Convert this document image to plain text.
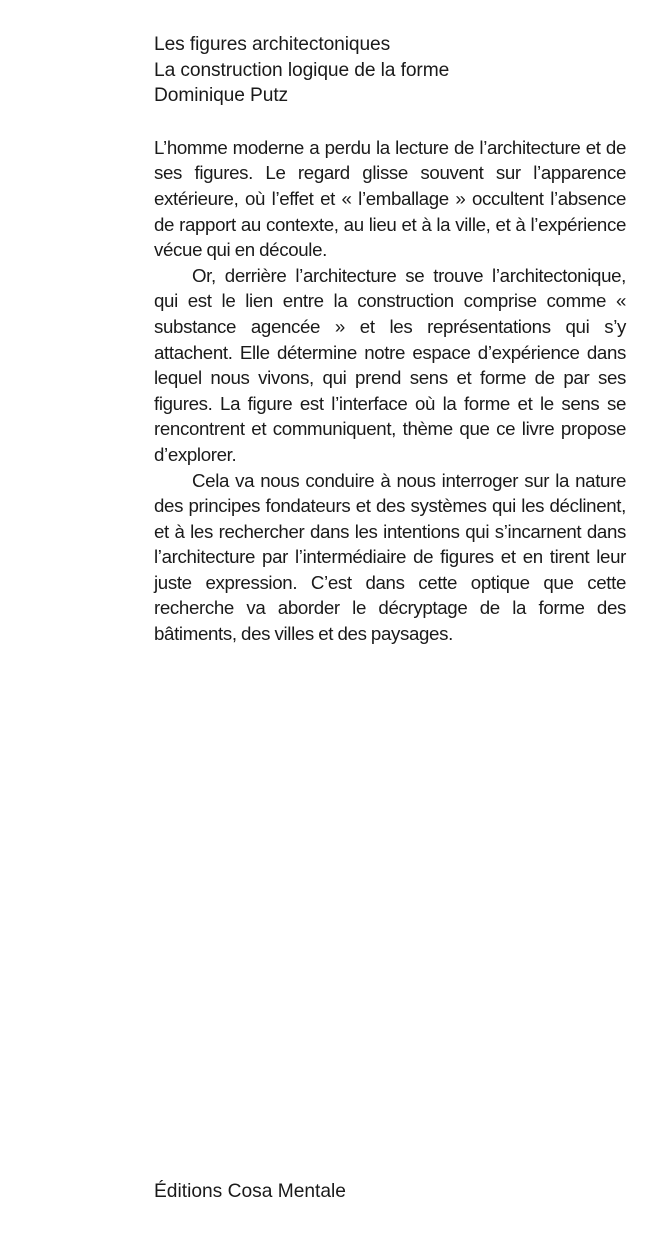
Les figures architectoniques
La construction logique de la forme
Dominique Putz

L’homme moderne a perdu la lecture de l’architecture et de ses figures. Le regard glisse souvent sur l’apparence extérieure, où l’effet et « l’emballage » occultent l’absence de rapport au contexte, au lieu et à la ville, et à l’expérience vécue qui en découle.

Or, derrière l’architecture se trouve l’architectonique, qui est le lien entre la construction comprise comme « substance agencée » et les représentations qui s’y attachent. Elle détermine notre espace d’expérience dans lequel nous vivons, qui prend sens et forme de par ses figures. La figure est l’interface où la forme et le sens se rencontrent et communiquent, thème que ce livre propose d’explorer.

Cela va nous conduire à nous interroger sur la nature des principes fondateurs et des systèmes qui les déclinent, et à les rechercher dans les intentions qui s’incarnent dans l’architecture par l’intermédiaire de figures et en tirent leur juste expression. C’est dans cette optique que cette recherche va aborder le décryptage de la forme des bâtiments, des villes et des paysages.

Éditions Cosa Mentale
